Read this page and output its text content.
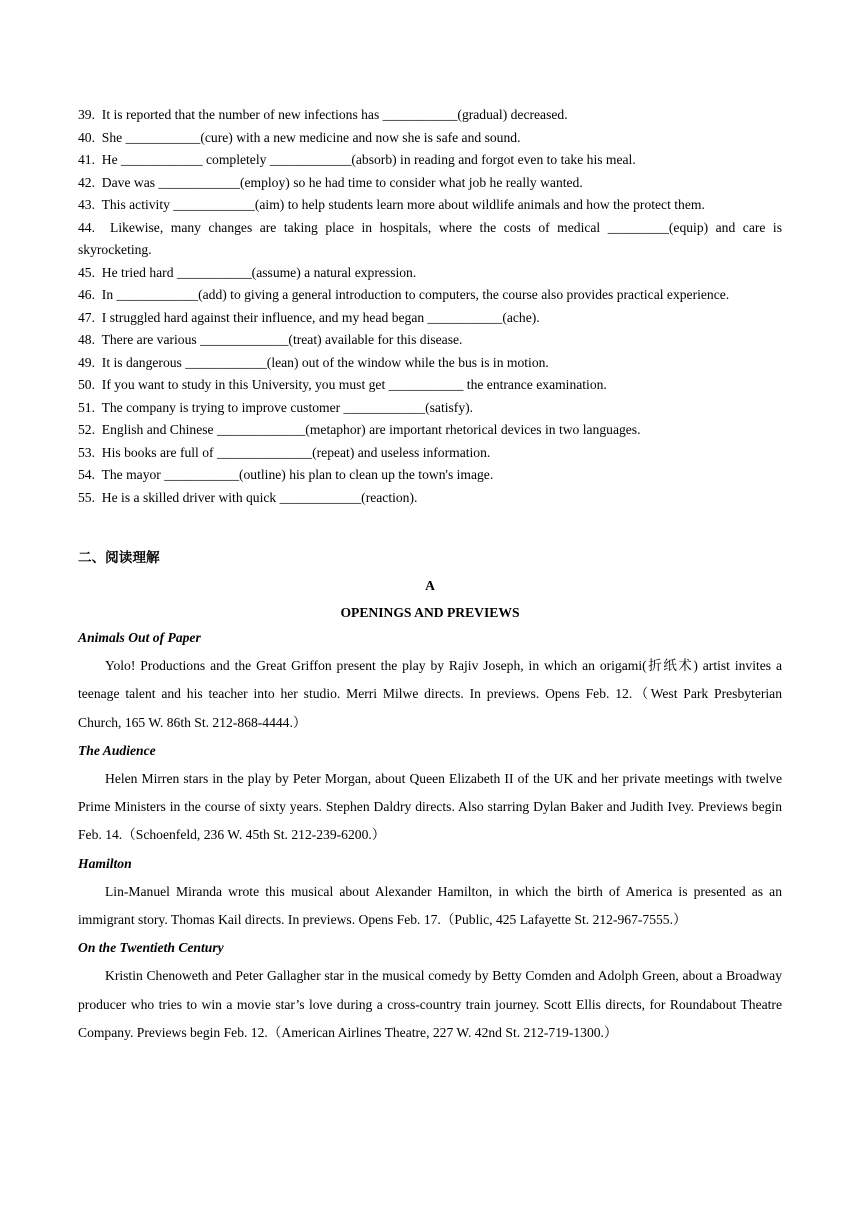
39. It is reported that the number of new infections has ___________(gradual) decreased.
40. She ___________(cure) with a new medicine and now she is safe and sound.
41. He ____________ completely ____________(absorb) in reading and forgot even to take his meal.
42. Dave was ____________(employ) so he had time to consider what job he really wanted.
43. This activity ____________(aim) to help students learn more about wildlife animals and how the protect them.
44. Likewise, many changes are taking place in hospitals, where the costs of medical _________(equip) and care is skyrocketing.
45. He tried hard ___________(assume) a natural expression.
46. In ____________(add) to giving a general introduction to computers, the course also provides practical experience.
47. I struggled hard against their influence, and my head began ___________(ache).
48. There are various _____________(treat) available for this disease.
49. It is dangerous ____________(lean) out of the window while the bus is in motion.
50. If you want to study in this University, you must get ___________ the entrance examination.
51. The company is trying to improve customer ____________(satisfy).
52. English and Chinese _____________(metaphor) are important rhetorical devices in two languages.
53. His books are full of ______________(repeat) and useless information.
54. The mayor ___________(outline) his plan to clean up the town's image.
55. He is a skilled driver with quick ____________(reaction).
二、阅读理解
A
OPENINGS AND PREVIEWS
Animals Out of Paper
Yolo! Productions and the Great Griffon present the play by Rajiv Joseph, in which an origami(折纸术) artist invites a teenage talent and his teacher into her studio. Merri Milwe directs. In previews. Opens Feb. 12.（West Park Presbyterian Church, 165 W. 86th St. 212-868-4444.）
The Audience
Helen Mirren stars in the play by Peter Morgan, about Queen Elizabeth II of the UK and her private meetings with twelve Prime Ministers in the course of sixty years. Stephen Daldry directs. Also starring Dylan Baker and Judith Ivey. Previews begin Feb. 14.（Schoenfeld, 236 W. 45th St. 212-239-6200.）
Hamilton
Lin-Manuel Miranda wrote this musical about Alexander Hamilton, in which the birth of America is presented as an immigrant story. Thomas Kail directs. In previews. Opens Feb. 17.（Public, 425 Lafayette St. 212-967-7555.）
On the Twentieth Century
Kristin Chenoweth and Peter Gallagher star in the musical comedy by Betty Comden and Adolph Green, about a Broadway producer who tries to win a movie star’s love during a cross-country train journey. Scott Ellis directs, for Roundabout Theatre Company. Previews begin Feb. 12.（American Airlines Theatre, 227 W. 42nd St. 212-719-1300.）
